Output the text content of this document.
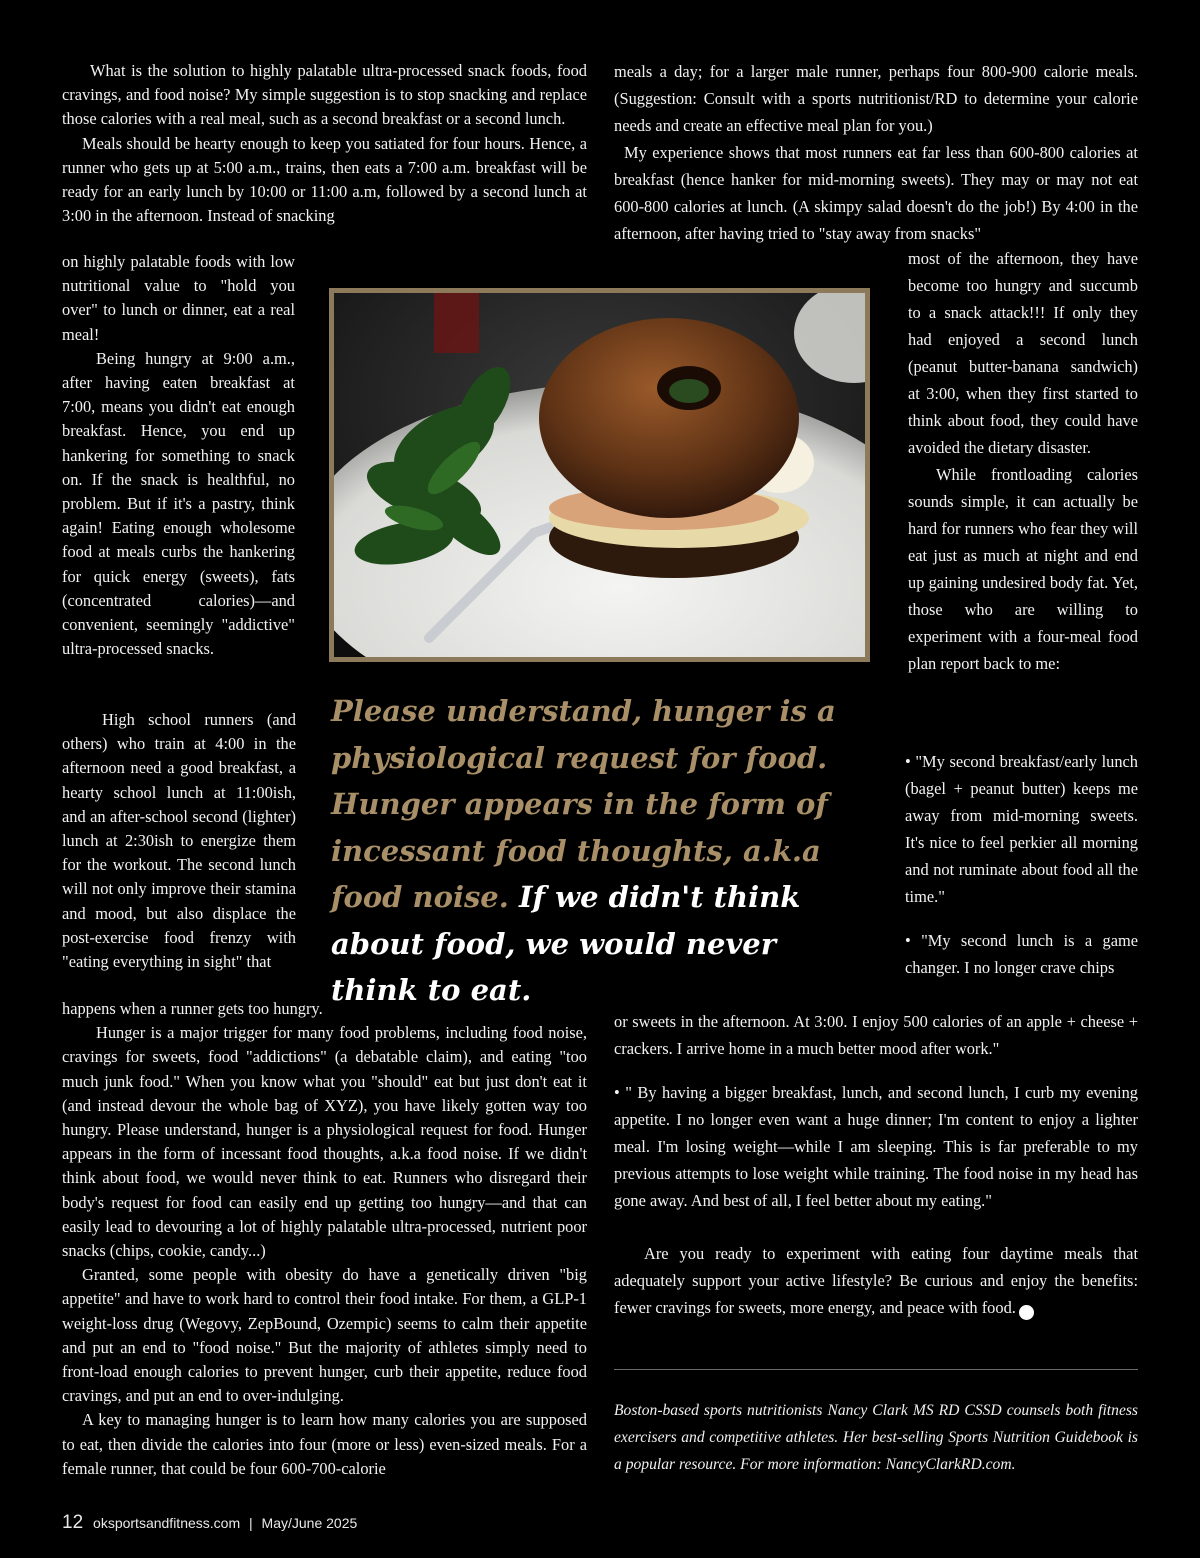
What is the solution to highly palatable ultra-processed snack foods, food cravings, and food noise? My simple suggestion is to stop snacking and replace those calories with a real meal, such as a second breakfast or a second lunch.

Meals should be hearty enough to keep you satiated for four hours. Hence, a runner who gets up at 5:00 a.m., trains, then eats a 7:00 a.m. breakfast will be ready for an early lunch by 10:00 or 11:00 a.m, followed by a second lunch at 3:00 in the afternoon. Instead of snacking

on highly palatable foods with low nutritional value to "hold you over" to lunch or dinner, eat a real meal!

Being hungry at 9:00 a.m., after having eaten breakfast at 7:00, means you didn't eat enough breakfast. Hence, you end up hankering for something to snack on. If the snack is healthful, no problem. But if it's a pastry, think again! Eating enough wholesome food at meals curbs the hankering for quick energy (sweets), fats (concentrated calories)—and convenient, seemingly "addictive" ultra-processed snacks.

High school runners (and others) who train at 4:00 in the afternoon need a good breakfast, a hearty school lunch at 11:00ish, and an after-school second (lighter) lunch at 2:30ish to energize them for the workout. The second lunch will not only improve their stamina and mood, but also displace the post-exercise food frenzy with "eating everything in sight" that

happens when a runner gets too hungry.

Hunger is a major trigger for many food problems, including food noise, cravings for sweets, food "addictions" (a debatable claim), and eating "too much junk food." When you know what you "should" eat but just don't eat it (and instead devour the whole bag of XYZ), you have likely gotten way too hungry. Please understand, hunger is a physiological request for food. Hunger appears in the form of incessant food thoughts, a.k.a food noise. If we didn't think about food, we would never think to eat. Runners who disregard their body's request for food can easily end up getting too hungry—and that can easily lead to devouring a lot of highly palatable ultra-processed, nutrient poor snacks (chips, cookie, candy...)

Granted, some people with obesity do have a genetically driven "big appetite" and have to work hard to control their food intake. For them, a GLP-1 weight-loss drug (Wegovy, ZepBound, Ozempic) seems to calm their appetite and put an end to "food noise." But the majority of athletes simply need to front-load enough calories to prevent hunger, curb their appetite, reduce food cravings, and put an end to over-indulging.

A key to managing hunger is to learn how many calories you are supposed to eat, then divide the calories into four (more or less) even-sized meals. For a female runner, that could be four 600-700-calorie

meals a day; for a larger male runner, perhaps four 800-900 calorie meals. (Suggestion: Consult with a sports nutritionist/RD to determine your calorie needs and create an effective meal plan for you.)

My experience shows that most runners eat far less than 600-800 calories at breakfast (hence hanker for mid-morning sweets). They may or may not eat 600-800 calories at lunch. (A skimpy salad doesn't do the job!) By 4:00 in the afternoon, after having tried to "stay away from snacks"

most of the afternoon, they have become too hungry and succumb to a snack attack!!! If only they had enjoyed a second lunch (peanut butter-banana sandwich) at 3:00, when they first started to think about food, they could have avoided the dietary disaster.

While frontloading calories sounds simple, it can actually be hard for runners who fear they will eat just as much at night and end up gaining undesired body fat. Yet, those who are willing to experiment with a four-meal food plan report back to me:

• "My second breakfast/early lunch (bagel + peanut butter) keeps me away from mid-morning sweets. It's nice to feel perkier all morning and not ruminate about food all the time."

• "My second lunch is a game changer. I no longer crave chips

or sweets in the afternoon. At 3:00. I enjoy 500 calories of an apple + cheese + crackers. I arrive home in a much better mood after work."

• " By having a bigger breakfast, lunch, and second lunch, I curb my evening appetite. I no longer even want a huge dinner; I'm content to enjoy a lighter meal. I'm losing weight—while I am sleeping. This is far preferable to my previous attempts to lose weight while training. The food noise in my head has gone away. And best of all, I feel better about my eating."

Are you ready to experiment with eating four daytime meals that adequately support your active lifestyle? Be curious and enjoy the benefits: fewer cravings for sweets, more energy, and peace with food.	✓

Please understand, hunger is a physiological request for food. Hunger appears in the form of incessant food thoughts, a.k.a food noise. If we didn't think about food, we would never think to eat.
Boston-based sports nutritionists Nancy Clark MS RD CSSD counsels both fitness exercisers and competitive athletes. Her best-selling Sports Nutrition Guidebook is a popular resource. For more information: NancyClarkRD.com.
12 oksportsandfitness.com | May/June 2025
